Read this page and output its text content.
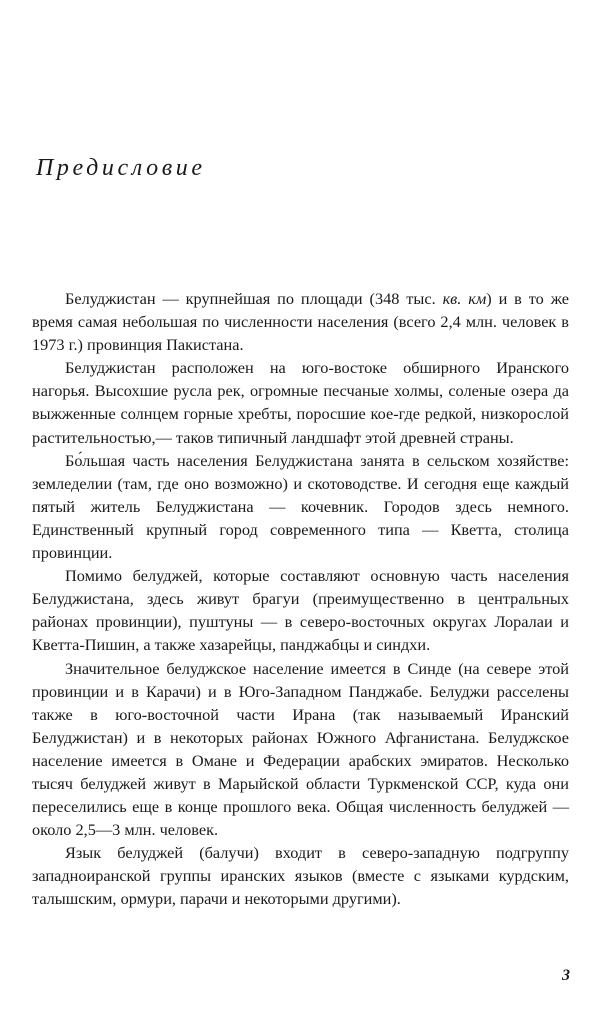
Предисловие

Белуджистан — крупнейшая по площади (348 тыс. кв. км) и в то же время самая небольшая по численности населения (всего 2,4 млн. человек в 1973 г.) провинция Пакистана.

Белуджистан расположен на юго-востоке обширного Иранского нагорья. Высохшие русла рек, огромные песчаные холмы, соленые озера да выжженные солнцем горные хребты, поросшие кое-где редкой, низкорослой растительностью,— таков типичный ландшафт этой древней страны.

Бо́льшая часть населения Белуджистана занята в сельском хозяйстве: земледелии (там, где оно возможно) и скотоводстве. И сегодня еще каждый пятый житель Белуджистана — кочевник. Городов здесь немного. Единственный крупный город современного типа — Кветта, столица провинции.

Помимо белуджей, которые составляют основную часть населения Белуджистана, здесь живут брагуи (преимущественно в центральных районах провинции), пуштуны — в северо-восточных округах Лоралаи и Кветта-Пишин, а также хазарейцы, панджабцы и синдхи.

Значительное белуджское население имеется в Синде (на севере этой провинции и в Карачи) и в Юго-Западном Панджабе. Белуджи расселены также в юго-восточной части Ирана (так называемый Иранский Белуджистан) и в некоторых районах Южного Афганистана. Белуджское население имеется в Омане и Федерации арабских эмиратов. Несколько тысяч белуджей живут в Марыйской области Туркменской ССР, куда они переселились еще в конце прошлого века. Общая численность белуджей — около 2,5—3 млн. человек.

Язык белуджей (балучи) входит в северо-западную подгруппу западноиранской группы иранских языков (вместе с языками курдским, талышским, ормури, парачи и некоторыми другими).

3
